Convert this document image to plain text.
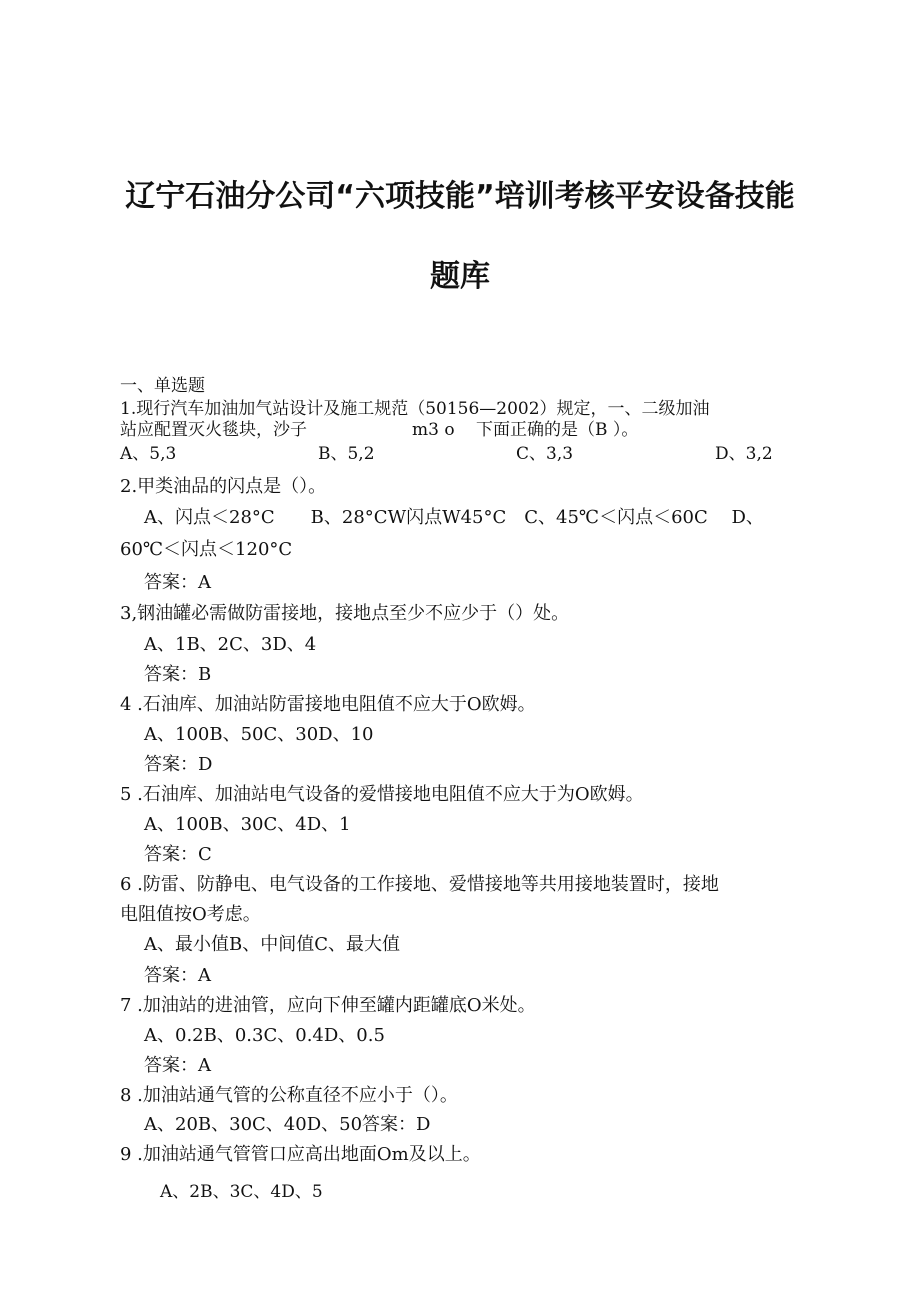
辽宁石油分公司“六项技能”培训考核平安设备技能
题库
一、单选题
1.现行汽车加油加气站设计及施工规范（50156—2002）规定，一、二级加油
站应配置灭火毯块，沙子	m3 o 下面正确的是（B ）。
A、5,3	B、5,2	C、3,3	D、3,2
2.甲类油品的闪点是（）。
A、闪点＜28°C　　B、28°CW闪点W45°C　C、45℃＜闪点＜60C　 D、
60℃＜闪点＜120°C
答案：A
3,钢油罐必需做防雷接地，接地点至少不应少于（）处。
A、1B、2C、3D、4
答案：B
4 .石油库、加油站防雷接地电阻值不应大于O欧姆。
A、100B、50C、30D、10
答案：D
5 .石油库、加油站电气设备的爱惜接地电阻值不应大于为O欧姆。
A、100B、30C、4D、1
答案：C
6 .防雷、防静电、电气设备的工作接地、爱惜接地等共用接地装置时，接地
电阻值按O考虑。
A、最小值B、中间值C、最大值
答案：A
7 .加油站的进油管，应向下伸至罐内距罐底O米处。
A、0.2B、0.3C、0.4D、0.5
答案：A
8 .加油站通气管的公称直径不应小于（）。
A、20B、30C、40D、50答案：D
9 .加油站通气管管口应高出地面Om及以上。
A、2B、3C、4D、5
